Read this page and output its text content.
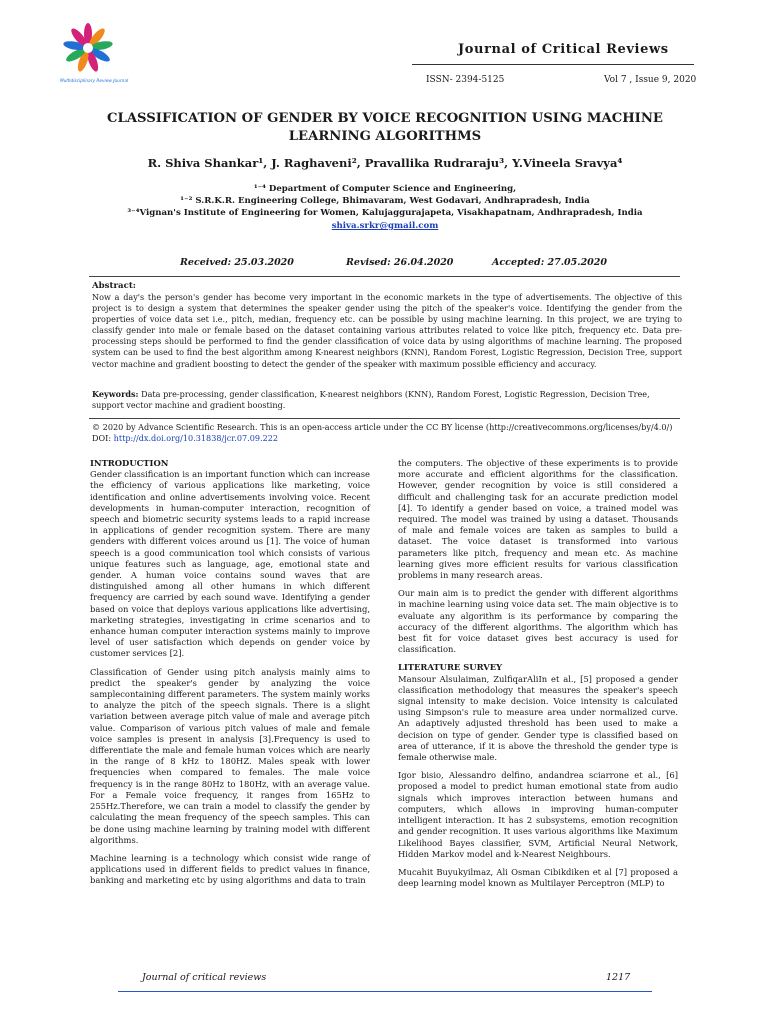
Multidisciplinary Review Journal
Journal of Critical Reviews
ISSN- 2394-5125	Vol 7 , Issue 9, 2020
CLASSIFICATION OF GENDER BY VOICE RECOGNITION USING MACHINE LEARNING ALGORITHMS
R. Shiva Shankar¹, J. Raghaveni², Pravallika Rudraraju³, Y.Vineela Sravya⁴
¹⁻⁴ Department of Computer Science and Engineering,
¹⁻² S.R.K.R. Engineering College, Bhimavaram, West Godavari, Andhrapradesh, India
³⁻⁴Vignan's Institute of Engineering for Women, Kalujaggurajapeta, Visakhapatnam, Andhrapradesh, India
shiva.srkr@gmail.com
Received: 25.03.2020	Revised: 26.04.2020	Accepted: 27.05.2020
Abstract:
Now a day's the person's gender has become very important in the economic markets in the type of advertisements. The objective of this project is to design a system that determines the speaker gender using the pitch of the speaker's voice. Identifying the gender from the properties of voice data set i.e., pitch, median, frequency etc. can be possible by using machine learning. In this project, we are trying to classify gender into male or female based on the dataset containing various attributes related to voice like pitch, frequency etc. Data pre-processing steps should be performed to find the gender classification of voice data by using algorithms of machine learning. The proposed system can be used to find the best algorithm among K-nearest neighbors (KNN), Random Forest, Logistic Regression, Decision Tree, support vector machine and gradient boosting to detect the gender of the speaker with maximum possible efficiency and accuracy.
Keywords: Data pre-processing, gender classification, K-nearest neighbors (KNN), Random Forest, Logistic Regression, Decision Tree, support vector machine and gradient boosting.
© 2020 by Advance Scientific Research. This is an open-access article under the CC BY license (http://creativecommons.org/licenses/by/4.0/)
DOI: http://dx.doi.org/10.31838/jcr.07.09.222
INTRODUCTION

Gender classification is an important function which can increase the efficiency of various applications like marketing, voice identification and online advertisements involving voice. Recent developments in human-computer interaction, recognition of speech and biometric security systems leads to a rapid increase in applications of gender recognition system. There are many genders with different voices around us [1]. The voice of human speech is a good communication tool which consists of various unique features such as language, age, emotional state and gender. A human voice contains sound waves that are distinguished among all other humans in which different frequency are carried by each sound wave. Identifying a gender based on voice that deploys various applications like advertising, marketing strategies, investigating in crime scenarios and to enhance human computer interaction systems mainly to improve level of user satisfaction which depends on gender voice by customer services [2].

Classification of Gender using pitch analysis mainly aims to predict the speaker's gender by analyzing the voice samplecontaining different parameters. The system mainly works to analyze the pitch of the speech signals. There is a slight variation between average pitch value of male and average pitch value. Comparison of various pitch values of male and female voice samples is present in analysis [3].Frequency is used to differentiate the male and female human voices which are nearly in the range of 8 kHz to 180HZ. Males speak with lower frequencies when compared to females. The male voice frequency is in the range 80Hz to 180Hz, with an average value. For a Female voice frequency, it ranges from 165Hz to 255Hz.Therefore, we can train a model to classify the gender by calculating the mean frequency of the speech samples. This can be done using machine learning by training model with different algorithms.

Machine learning is a technology which consist wide range of applications used in different fields to predict values in finance, banking and marketing etc by using algorithms and data to train

the computers. The objective of these experiments is to provide more accurate and efficient algorithms for the classification. However, gender recognition by voice is still considered a difficult and challenging task for an accurate prediction model [4]. To identify a gender based on voice, a trained model was required. The model was trained by using a dataset. Thousands of male and female voices are taken as samples to build a dataset. The voice dataset is transformed into various parameters like pitch, frequency and mean etc. As machine learning gives more efficient results for various classification problems in many research areas.

Our main aim is to predict the gender with different algorithms in machine learning using voice data set. The main objective is to evaluate any algorithm is its performance by comparing the accuracy of the different algorithms. The algorithm which has best fit for voice dataset gives best accuracy is used for classification.

LITERATURE SURVEY

Mansour Alsulaiman, ZulfiqarAliIn et al., [5] proposed a gender classification methodology that measures the speaker's speech signal intensity to make decision. Voice intensity is calculated using Simpson's rule to measure area under normalized curve. An adaptively adjusted threshold has been used to make a decision on type of gender. Gender type is classified based on area of utterance, if it is above the threshold the gender type is female otherwise male.

Igor bisio, Alessandro delfino, andandrea sciarrone et al., [6] proposed a model to predict human emotional state from audio signals which improves interaction between humans and computers, which allows in improving human-computer intelligent interaction. It has 2 subsystems, emotion recognition and gender recognition. It uses various algorithms like Maximum Likelihood Bayes classifier, SVM, Artificial Neural Network, Hidden Markov model and k-Nearest Neighbours.

Mucahit Buyukyilmaz, Ali Osman Cibikdiken et al [7] proposed a deep learning model known as Multilayer Perceptron (MLP) to

Journal of critical reviews	1217
